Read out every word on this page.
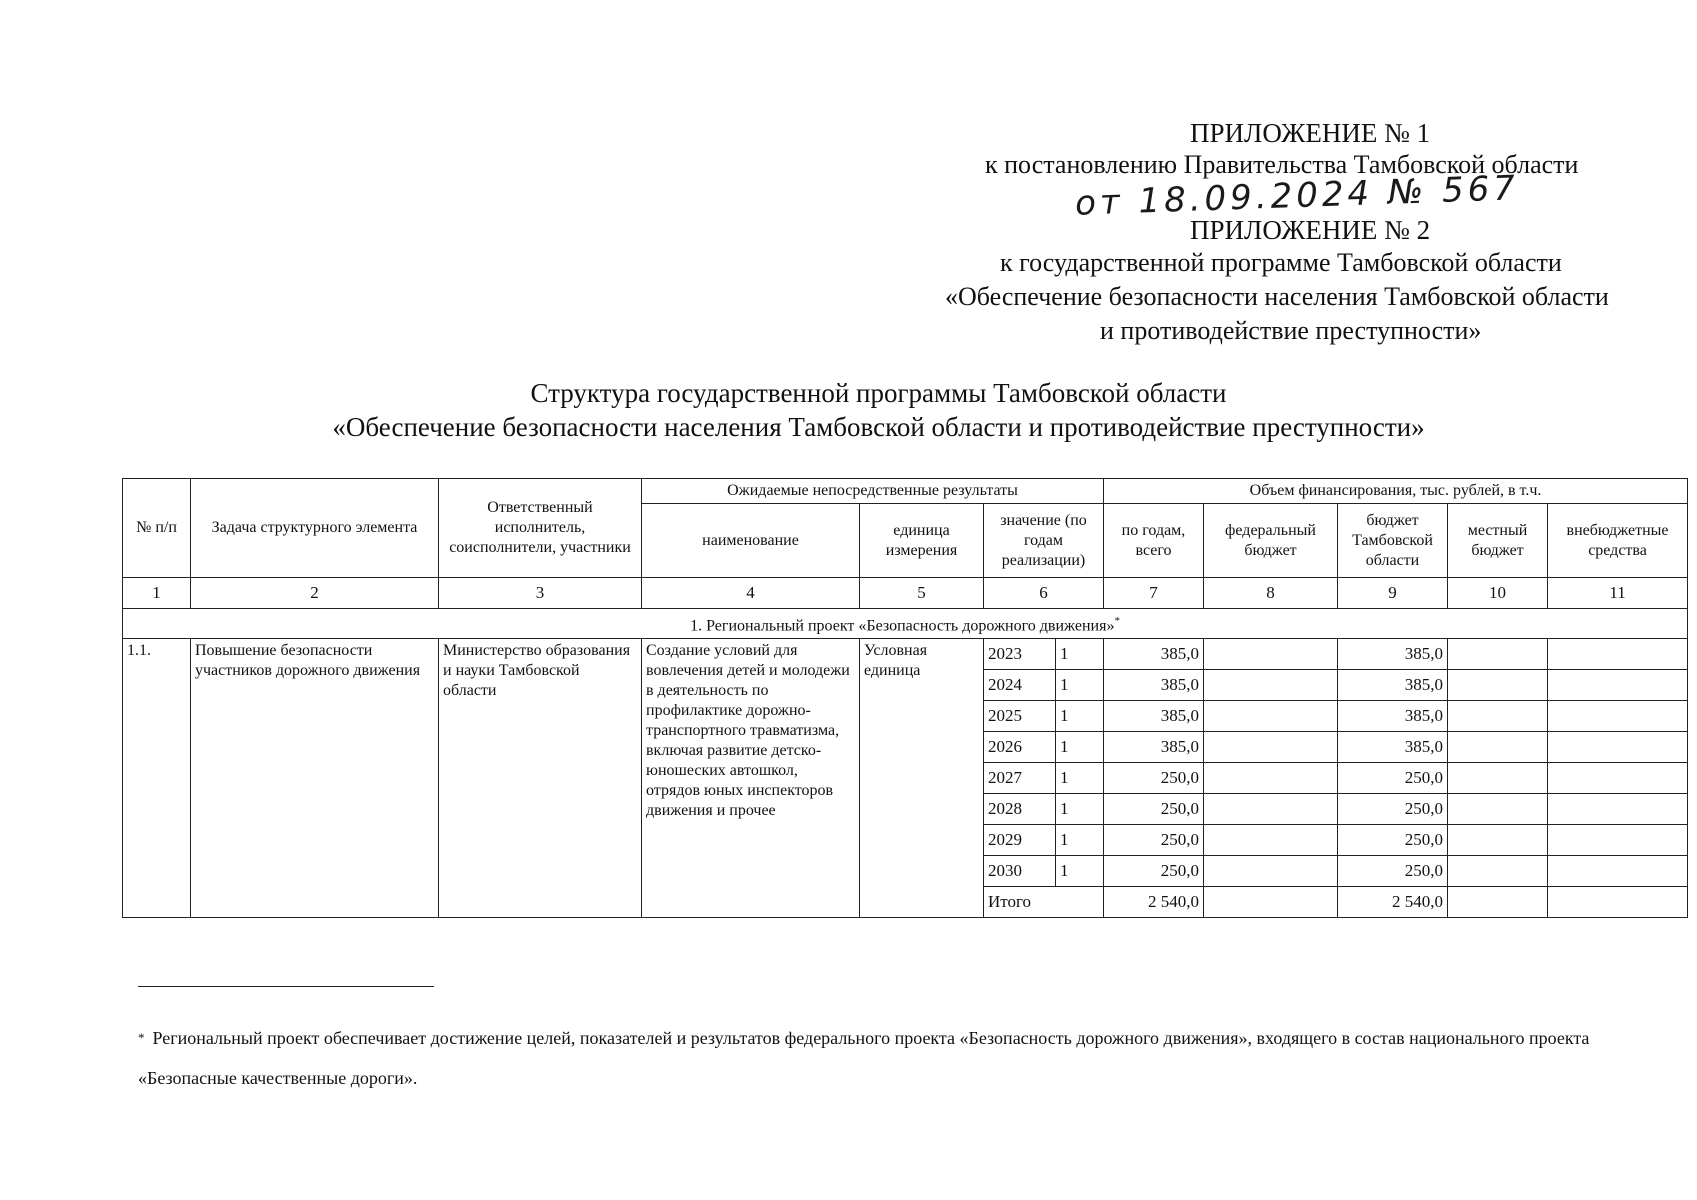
ПРИЛОЖЕНИЕ № 1
к постановлению Правительства Тамбовской области
от 18.09.2024 № 567
ПРИЛОЖЕНИЕ № 2
к государственной программе Тамбовской области
«Обеспечение безопасности населения Тамбовской области
и противодействие преступности»
Структура государственной программы Тамбовской области
«Обеспечение безопасности населения Тамбовской области и противодействие преступности»
№ п/п	Задача структурного элемента	Ответственный исполнитель, соисполнители, участники	Ожидаемые непосредственные результаты				Объем финансирования, тыс. рублей, в т.ч.				
			наименование	единица измерения	значение (по годам реализации)		по годам, всего	федеральный бюджет	бюджет Тамбовской области	местный бюджет	внебюджетные средства
1	2	3	4	5	6		7	8	9	10	11
1. Региональный проект «Безопасность дорожного движения»*
1.1.	Повышение безопасности участников дорожного движения	Министерство образования и науки Тамбовской области	Создание условий для вовлечения детей и молодежи в деятельность по профилактике дорожно-транспортного травматизма, включая развитие детско-юношеских автошкол, отрядов юных инспекторов движения и прочее	Условная единица	2023	1	385,0		385,0		
					2024	1	385,0		385,0		
					2025	1	385,0		385,0		
					2026	1	385,0		385,0		
					2027	1	250,0		250,0		
					2028	1	250,0		250,0		
					2029	1	250,0		250,0		
					2030	1	250,0		250,0		
					Итого		2 540,0		2 540,0		
* Региональный проект обеспечивает достижение целей, показателей и результатов федерального проекта «Безопасность дорожного движения», входящего в состав национального проекта «Безопасные качественные дороги».
